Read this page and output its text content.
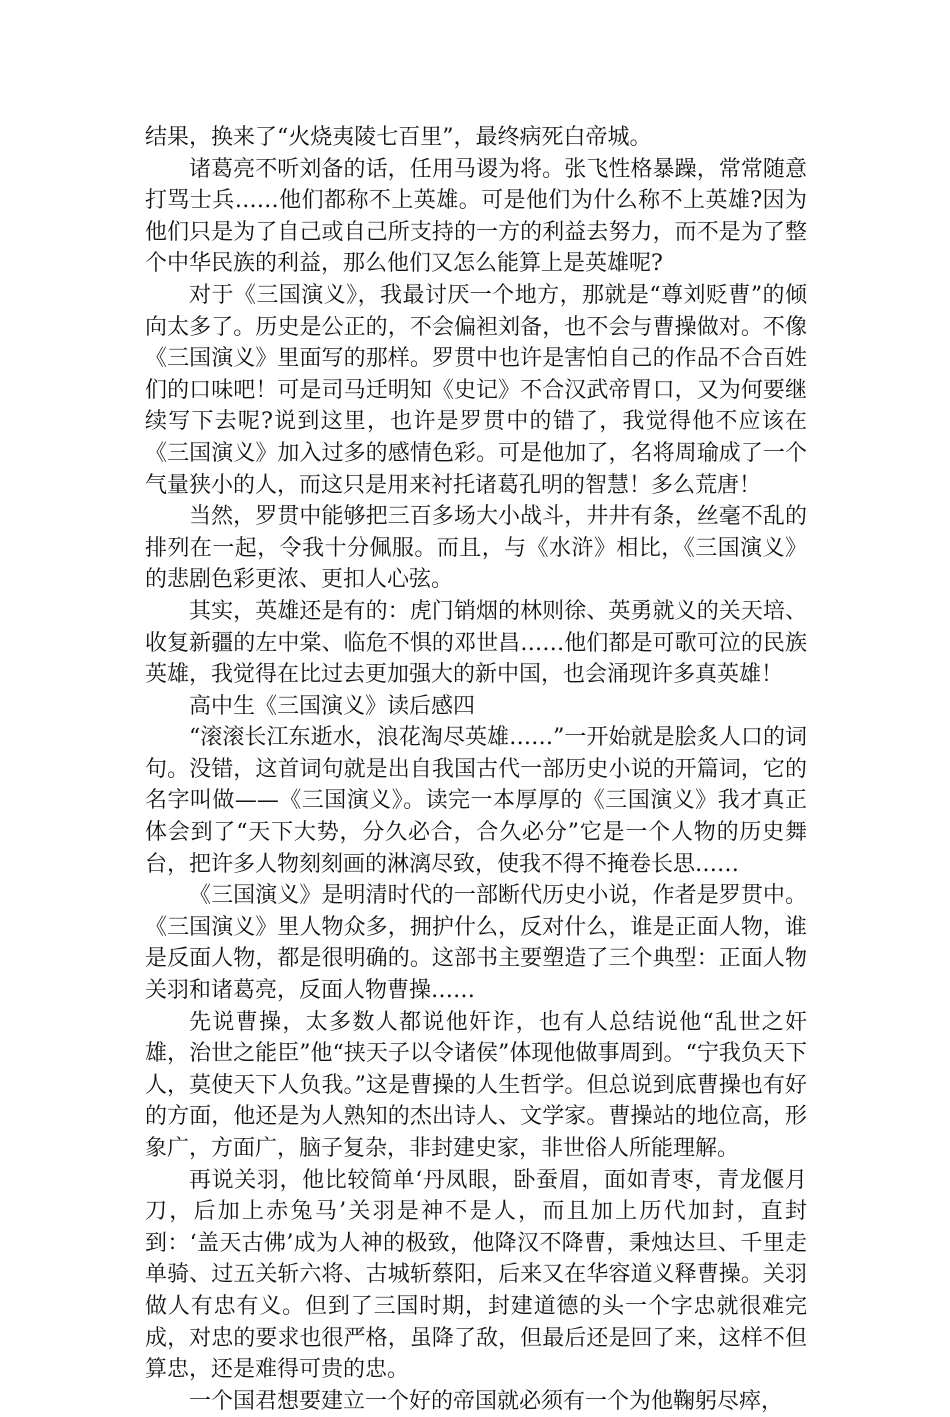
结果，换来了“火烧夷陵七百里”，最终病死白帝城。

诸葛亮不听刘备的话，任用马谡为将。张飞性格暴躁，常常随意打骂士兵……他们都称不上英雄。可是他们为什么称不上英雄?因为他们只是为了自己或自己所支持的一方的利益去努力，而不是为了整个中华民族的利益，那么他们又怎么能算上是英雄呢?

对于《三国演义》，我最讨厌一个地方，那就是“尊刘贬曹”的倾向太多了。历史是公正的，不会偏袒刘备，也不会与曹操做对。不像《三国演义》里面写的那样。罗贯中也许是害怕自己的作品不合百姓们的口味吧！可是司马迁明知《史记》不合汉武帝胃口，又为何要继续写下去呢?说到这里，也许是罗贯中的错了，我觉得他不应该在《三国演义》加入过多的感情色彩。可是他加了，名将周瑜成了一个气量狭小的人，而这只是用来衬托诸葛孔明的智慧！多么荒唐！

当然，罗贯中能够把三百多场大小战斗，井井有条，丝毫不乱的排列在一起，令我十分佩服。而且，与《水浒》相比，《三国演义》的悲剧色彩更浓、更扣人心弦。

其实，英雄还是有的：虎门销烟的林则徐、英勇就义的关天培、收复新疆的左中棠、临危不惧的邓世昌……他们都是可歌可泣的民族英雄，我觉得在比过去更加强大的新中国，也会涌现许多真英雄！

高中生《三国演义》读后感四

“滚滚长江东逝水，浪花淘尽英雄……”一开始就是脍炙人口的词句。没错，这首词句就是出自我国古代一部历史小说的开篇词，它的名字叫做——《三国演义》。读完一本厚厚的《三国演义》我才真正体会到了“天下大势，分久必合，合久必分”它是一个人物的历史舞台，把许多人物刻刻画的淋漓尽致，使我不得不掩卷长思……

《三国演义》是明清时代的一部断代历史小说，作者是罗贯中。《三国演义》里人物众多，拥护什么，反对什么，谁是正面人物，谁是反面人物，都是很明确的。这部书主要塑造了三个典型：正面人物关羽和诸葛亮，反面人物曹操……

先说曹操，太多数人都说他奸诈，也有人总结说他“乱世之奸雄，治世之能臣”他“挟天子以令诸侯”体现他做事周到。“宁我负天下人，莫使天下人负我。”这是曹操的人生哲学。但总说到底曹操也有好的方面，他还是为人熟知的杰出诗人、文学家。曹操站的地位高，形象广，方面广，脑子复杂，非封建史家，非世俗人所能理解。

再说关羽，他比较简单‘丹凤眼，卧蚕眉，面如青枣，青龙偃月刀，后加上赤兔马’关羽是神不是人，而且加上历代加封，直封到：‘盖天古佛’成为人神的极致，他降汉不降曹，秉烛达旦、千里走单骑、过五关斩六将、古城斩蔡阳，后来又在华容道义释曹操。关羽做人有忠有义。但到了三国时期，封建道德的头一个字忠就很难完成，对忠的要求也很严格，虽降了敌，但最后还是回了来，这样不但算忠，还是难得可贵的忠。

一个国君想要建立一个好的帝国就必须有一个为他鞠躬尽瘁，
